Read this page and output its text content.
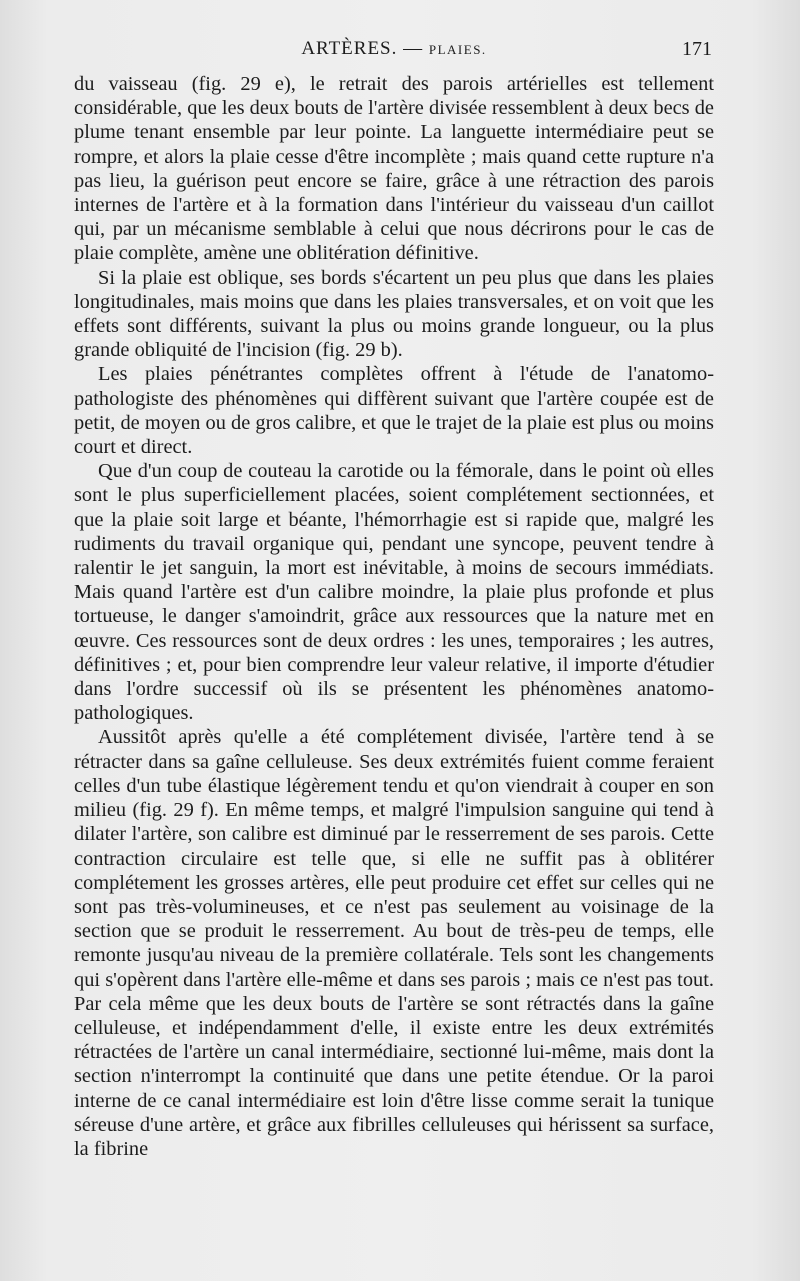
ARTÈRES. — PLAIES.	171

du vaisseau (fig. 29 e), le retrait des parois artérielles est tellement considérable, que les deux bouts de l'artère divisée ressemblent à deux becs de plume tenant ensemble par leur pointe. La languette intermédiaire peut se rompre, et alors la plaie cesse d'être incomplète ; mais quand cette rupture n'a pas lieu, la guérison peut encore se faire, grâce à une rétraction des parois internes de l'artère et à la formation dans l'intérieur du vaisseau d'un caillot qui, par un mécanisme semblable à celui que nous décrirons pour le cas de plaie complète, amène une oblitération définitive.

Si la plaie est oblique, ses bords s'écartent un peu plus que dans les plaies longitudinales, mais moins que dans les plaies transversales, et on voit que les effets sont différents, suivant la plus ou moins grande longueur, ou la plus grande obliquité de l'incision (fig. 29 b).

Les plaies pénétrantes complètes offrent à l'étude de l'anatomo-pathologiste des phénomènes qui diffèrent suivant que l'artère coupée est de petit, de moyen ou de gros calibre, et que le trajet de la plaie est plus ou moins court et direct.

Que d'un coup de couteau la carotide ou la fémorale, dans le point où elles sont le plus superficiellement placées, soient complétement sectionnées, et que la plaie soit large et béante, l'hémorrhagie est si rapide que, malgré les rudiments du travail organique qui, pendant une syncope, peuvent tendre à ralentir le jet sanguin, la mort est inévitable, à moins de secours immédiats. Mais quand l'artère est d'un calibre moindre, la plaie plus profonde et plus tortueuse, le danger s'amoindrit, grâce aux ressources que la nature met en œuvre. Ces ressources sont de deux ordres : les unes, temporaires ; les autres, définitives ; et, pour bien comprendre leur valeur relative, il importe d'étudier dans l'ordre successif où ils se présentent les phénomènes anatomo-pathologiques.

Aussitôt après qu'elle a été complétement divisée, l'artère tend à se rétracter dans sa gaîne celluleuse. Ses deux extrémités fuient comme feraient celles d'un tube élastique légèrement tendu et qu'on viendrait à couper en son milieu (fig. 29 f). En même temps, et malgré l'impulsion sanguine qui tend à dilater l'artère, son calibre est diminué par le resserrement de ses parois. Cette contraction circulaire est telle que, si elle ne suffit pas à oblitérer complétement les grosses artères, elle peut produire cet effet sur celles qui ne sont pas très-volumineuses, et ce n'est pas seulement au voisinage de la section que se produit le resserrement. Au bout de très-peu de temps, elle remonte jusqu'au niveau de la première collatérale. Tels sont les changements qui s'opèrent dans l'artère elle-même et dans ses parois ; mais ce n'est pas tout. Par cela même que les deux bouts de l'artère se sont rétractés dans la gaîne celluleuse, et indépendamment d'elle, il existe entre les deux extrémités rétractées de l'artère un canal intermédiaire, sectionné lui-même, mais dont la section n'interrompt la continuité que dans une petite étendue. Or la paroi interne de ce canal intermédiaire est loin d'être lisse comme serait la tunique séreuse d'une artère, et grâce aux fibrilles celluleuses qui hérissent sa surface, la fibrine
